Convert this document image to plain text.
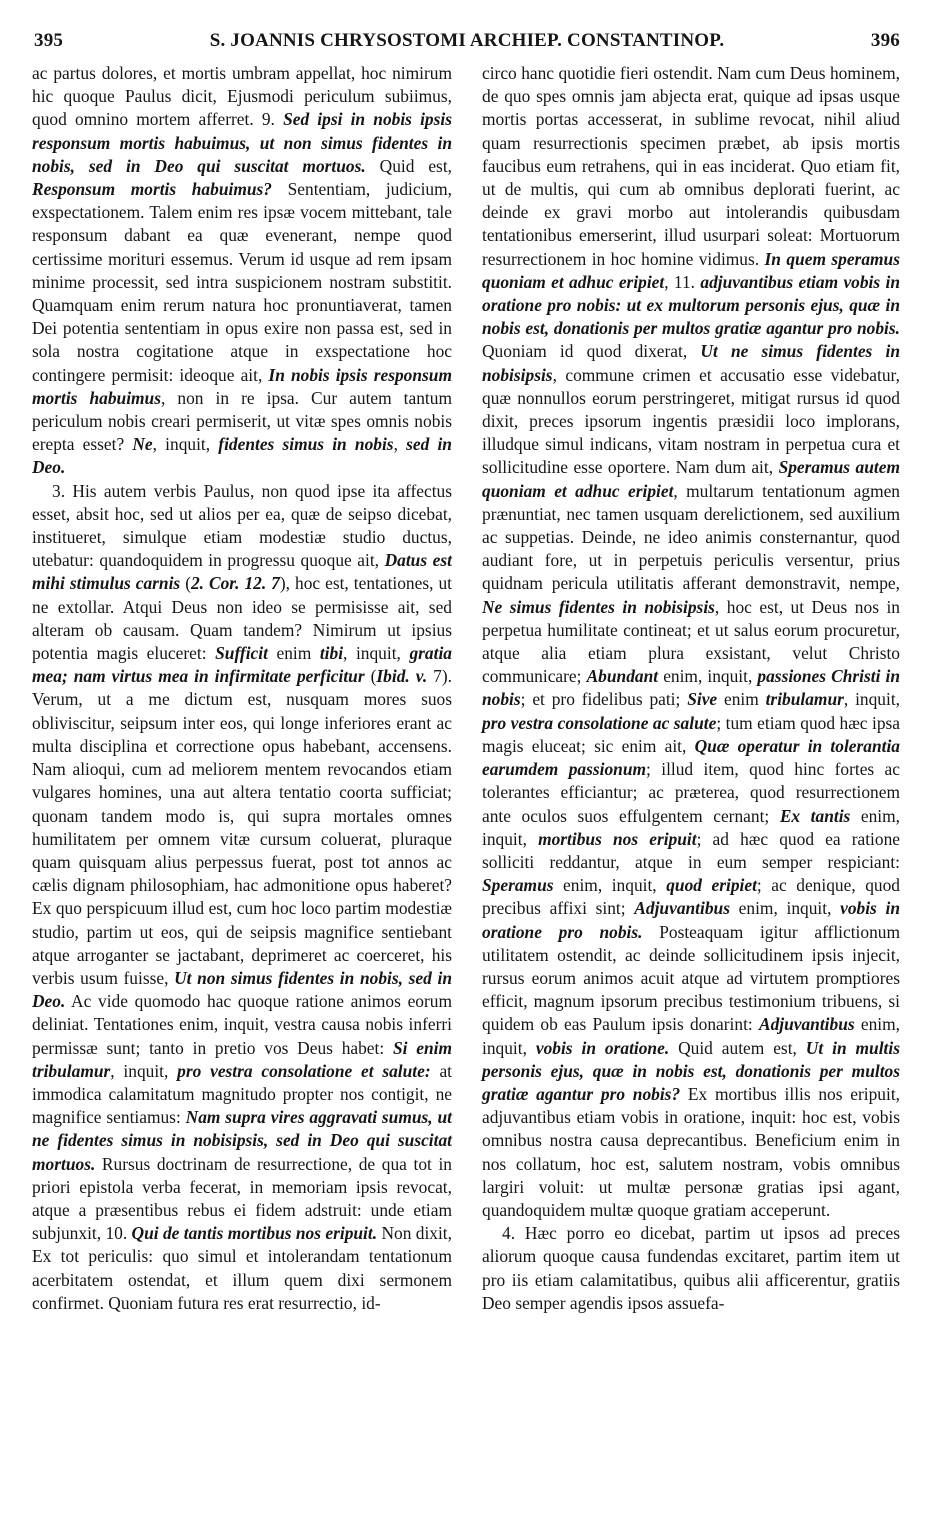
395	S. JOANNIS CHRYSOSTOMI ARCHIEP. CONSTANTINOP.	396

ac partus dolores, et mortis umbram appellat, hoc nimirum hic quoque Paulus dicit, Ejusmodi periculum subiimus, quod omnino mortem afferret. 9. Sed ipsi in nobis ipsis responsum mortis habuimus, ut non simus fidentes in nobis, sed in Deo qui suscitat mortuos. Quid est, Responsum mortis habuimus? Sententiam, judicium, exspectationem. Talem enim res ipsæ vocem mittebant, tale responsum dabant ea quæ evenerant, nempe quod certissime morituri essemus. Verum id usque ad rem ipsam minime processit, sed intra suspicionem nostram substitit. Quamquam enim rerum natura hoc pronuntiaverat, tamen Dei potentia sententiam in opus exire non passa est, sed in sola nostra cogitatione atque in exspectatione hoc contingere permisit: ideoque ait, In nobis ipsis responsum mortis habuimus, non in re ipsa. Cur autem tantum periculum nobis creari permiserit, ut vitæ spes omnis nobis erepta esset? Ne, inquit, fidentes simus in nobis, sed in Deo.

3. His autem verbis Paulus, non quod ipse ita affectus esset, absit hoc, sed ut alios per ea, quæ de seipso dicebat, institueret, simulque etiam modestiæ studio ductus, utebatur: quandoquidem in progressu quoque ait, Datus est mihi stimulus carnis (2. Cor. 12. 7), hoc est, tentationes, ut ne extollar. Atqui Deus non ideo se permisisse ait, sed alteram ob causam. Quam tandem? Nimirum ut ipsius potentia magis eluceret: Sufficit enim tibi, inquit, gratia mea; nam virtus mea in infirmitate perficitur (Ibid. v. 7). Verum, ut a me dictum est, nusquam mores suos obliviscitur, seipsum inter eos, qui longe inferiores erant ac multa disciplina et correctione opus habebant, accensens. Nam alioqui, cum ad meliorem mentem revocandos etiam vulgares homines, una aut altera tentatio coorta sufficiat; quonam tandem modo is, qui supra mortales omnes humilitatem per omnem vitæ cursum coluerat, pluraque quam quisquam alius perpessus fuerat, post tot annos ac cælis dignam philosophiam, hac admonitione opus haberet? Ex quo perspicuum illud est, cum hoc loco partim modestiæ studio, partim ut eos, qui de seipsis magnifice sentiebant atque arroganter se jactabant, deprimeret ac coerceret, his verbis usum fuisse, Ut non simus fidentes in nobis, sed in Deo. Ac vide quomodo hac quoque ratione animos eorum deliniat. Tentationes enim, inquit, vestra causa nobis inferri permissæ sunt; tanto in pretio vos Deus habet: Si enim tribulamur, inquit, pro vestra consolatione et salute: at immodica calamitatum magnitudo propter nos contigit, ne magnifice sentiamus: Nam supra vires aggravati sumus, ut ne fidentes simus in nobisipsis, sed in Deo qui suscitat mortuos. Rursus doctrinam de resurrectione, de qua tot in priori epistola verba fecerat, in memoriam ipsis revocat, atque a præsentibus rebus ei fidem adstruit: unde etiam subjunxit, 10. Qui de tantis mortibus nos eripuit. Non dixit, Ex tot periculis: quo simul et intolerandam tentationum acerbitatem ostendat, et illum quem dixi sermonem confirmet. Quoniam futura res erat resurrectio, id-

circo hanc quotidie fieri ostendit. Nam cum Deus hominem, de quo spes omnis jam abjecta erat, quique ad ipsas usque mortis portas accesserat, in sublime revocat, nihil aliud quam resurrectionis specimen præbet, ab ipsis mortis faucibus eum retrahens, qui in eas inciderat. Quo etiam fit, ut de multis, qui cum ab omnibus deplorati fuerint, ac deinde ex gravi morbo aut intolerandis quibusdam tentationibus emerserint, illud usurpari soleat: Mortuorum resurrectionem in hoc homine vidimus. In quem speramus quoniam et adhuc eripiet, 11. adjuvantibus etiam vobis in oratione pro nobis: ut ex multorum personis ejus, quæ in nobis est, donationis per multos gratiæ agantur pro nobis. Quoniam id quod dixerat, Ut ne simus fidentes in nobisipsis, commune crimen et accusatio esse videbatur, quæ nonnullos eorum perstringeret, mitigat rursus id quod dixit, preces ipsorum ingentis præsidii loco implorans, illudque simul indicans, vitam nostram in perpetua cura et sollicitudine esse oportere. Nam dum ait, Speramus autem quoniam et adhuc eripiet, multarum tentationum agmen prænuntiat, nec tamen usquam derelictionem, sed auxilium ac suppetias. Deinde, ne ideo animis consternantur, quod audiant fore, ut in perpetuis periculis versentur, prius quidnam pericula utilitatis afferant demonstravit, nempe, Ne simus fidentes in nobisipsis, hoc est, ut Deus nos in perpetua humilitate contineat; et ut salus eorum procuretur, atque alia etiam plura exsistant, velut Christo communicare; Abundant enim, inquit, passiones Christi in nobis; et pro fidelibus pati; Sive enim tribulamur, inquit, pro vestra consolatione ac salute; tum etiam quod hæc ipsa magis eluceat; sic enim ait, Quæ operatur in tolerantia earumdem passionum; illud item, quod hinc fortes ac tolerantes efficiantur; ac præterea, quod resurrectionem ante oculos suos effulgentem cernant; Ex tantis enim, inquit, mortibus nos eripuit; ad hæc quod ea ratione solliciti reddantur, atque in eum semper respiciant: Speramus enim, inquit, quod eripiet; ac denique, quod precibus affixi sint; Adjuvantibus enim, inquit, vobis in oratione pro nobis. Posteaquam igitur afflictionum utilitatem ostendit, ac deinde sollicitudinem ipsis injecit, rursus eorum animos acuit atque ad virtutem promptiores efficit, magnum ipsorum precibus testimonium tribuens, si quidem ob eas Paulum ipsis donarint: Adjuvantibus enim, inquit, vobis in oratione. Quid autem est, Ut in multis personis ejus, quæ in nobis est, donationis per multos gratiæ agantur pro nobis? Ex mortibus illis nos eripuit, adjuvantibus etiam vobis in oratione, inquit: hoc est, vobis omnibus nostra causa deprecantibus. Beneficium enim in nos collatum, hoc est, salutem nostram, vobis omnibus largiri voluit: ut multæ personæ gratias ipsi agant, quandoquidem multæ quoque gratiam acceperunt.

4. Hæc porro eo dicebat, partim ut ipsos ad preces aliorum quoque causa fundendas excitaret, partim item ut pro iis etiam calamitatibus, quibus alii afficerentur, gratiis Deo semper agendis ipsos assuefa-
